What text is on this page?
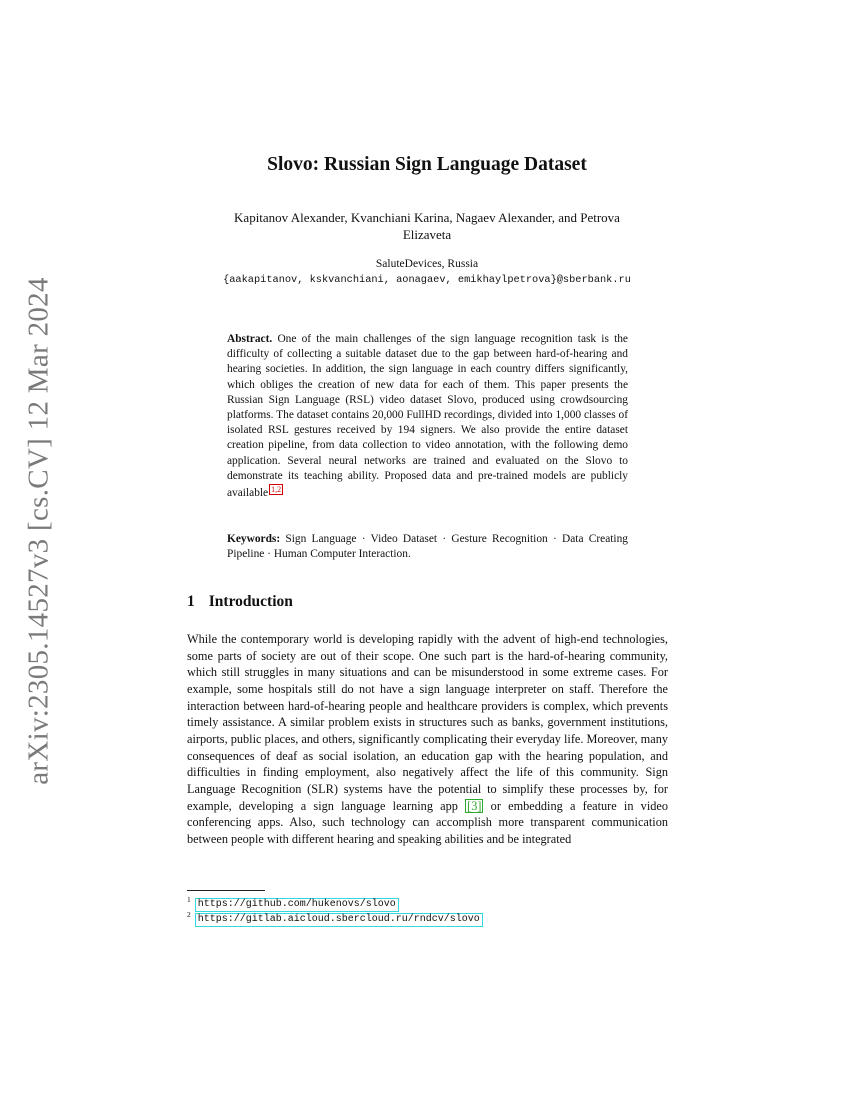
arXiv:2305.14527v3 [cs.CV] 12 Mar 2024
Slovo: Russian Sign Language Dataset
Kapitanov Alexander, Kvanchiani Karina, Nagaev Alexander, and Petrova
Elizaveta
SaluteDevices, Russia
{aakapitanov, kskvanchiani, aonagaev, emikhaylpetrova}@sberbank.ru
Abstract. One of the main challenges of the sign language recognition task is the difficulty of collecting a suitable dataset due to the gap between hard-of-hearing and hearing societies. In addition, the sign language in each country differs significantly, which obliges the creation of new data for each of them. This paper presents the Russian Sign Language (RSL) video dataset Slovo, produced using crowdsourcing platforms. The dataset contains 20,000 FullHD recordings, divided into 1,000 classes of isolated RSL gestures received by 194 signers. We also provide the entire dataset creation pipeline, from data collection to video annotation, with the following demo application. Several neural networks are trained and evaluated on the Slovo to demonstrate its teaching ability. Proposed data and pre-trained models are publicly available 1,2
Keywords: Sign Language · Video Dataset · Gesture Recognition · Data Creating Pipeline · Human Computer Interaction.
1 Introduction
While the contemporary world is developing rapidly with the advent of high-end technologies, some parts of society are out of their scope. One such part is the hard-of-hearing community, which still struggles in many situations and can be misunderstood in some extreme cases. For example, some hospitals still do not have a sign language interpreter on staff. Therefore the interaction between hard-of-hearing people and healthcare providers is complex, which prevents timely assistance. A similar problem exists in structures such as banks, government institutions, airports, public places, and others, significantly complicating their everyday life. Moreover, many consequences of deaf as social isolation, an education gap with the hearing population, and difficulties in finding employment, also negatively affect the life of this community. Sign Language Recognition (SLR) systems have the potential to simplify these processes by, for example, developing a sign language learning app [3] or embedding a feature in video conferencing apps. Also, such technology can accomplish more transparent communication between people with different hearing and speaking abilities and be integrated
$^1$ https://github.com/hukenovs/slovo
$^2$ https://gitlab.aicloud.sbercloud.ru/rndcv/slovo
